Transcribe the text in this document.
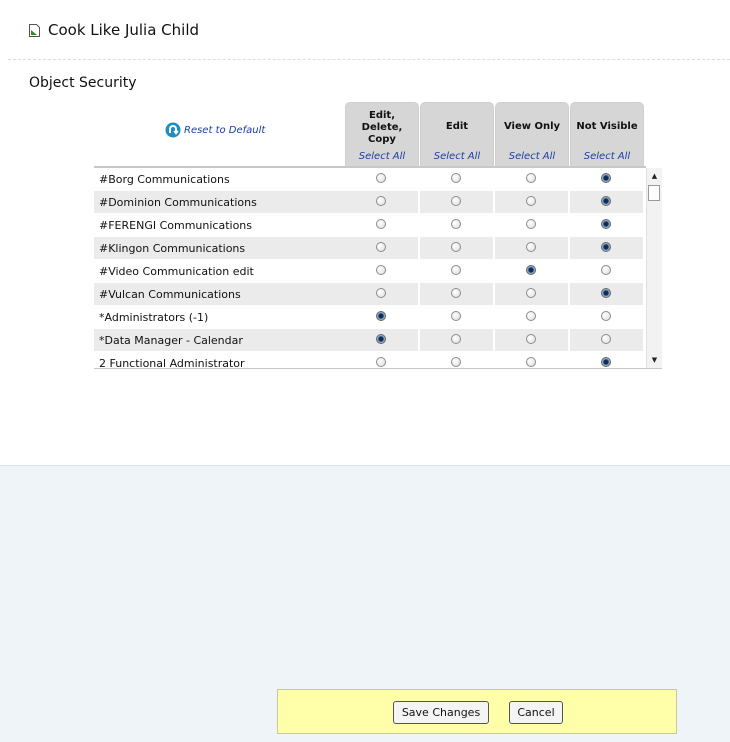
Cook Like Julia Child
Object Security
Reset to Default
Edit,
Delete,
Copy
Select All
Edit
Select All
View Only
Select All
Not Visible
Select All
#Borg Communications
#Dominion Communications
#FERENGI Communications
#Klingon Communications
#Video Communication edit
#Vulcan Communications
*Administrators (-1)
*Data Manager - Calendar
2 Functional Administrator
▲
▼
Save Changes	Cancel
